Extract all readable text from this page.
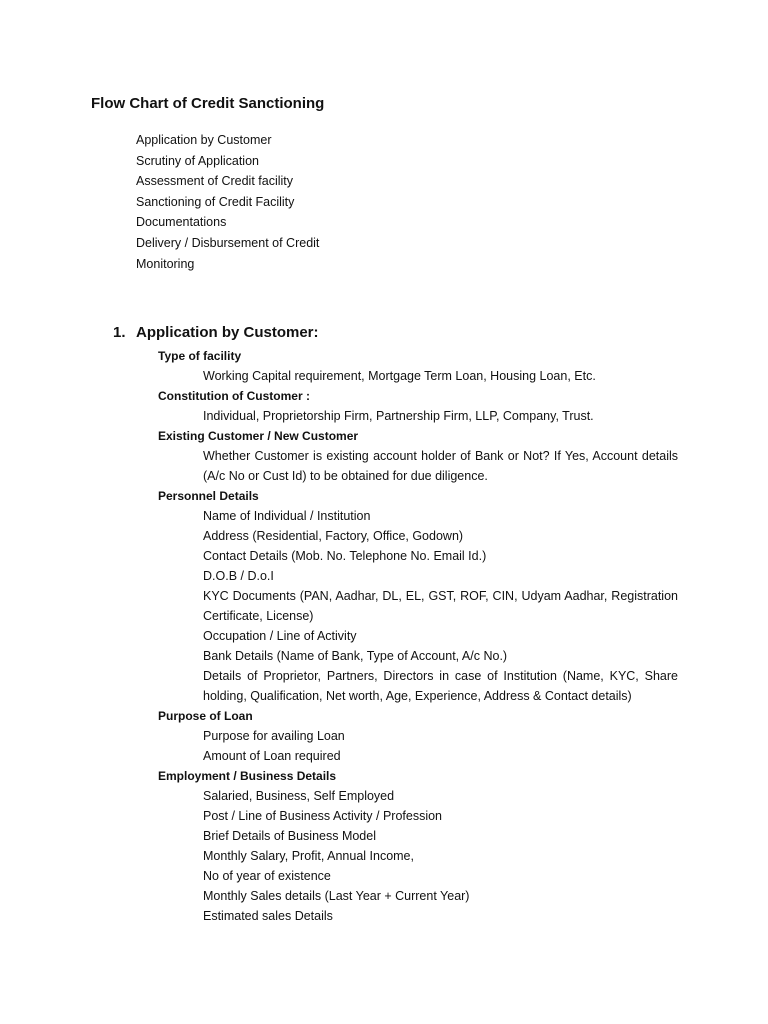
Flow Chart of Credit Sanctioning
Application by Customer
Scrutiny of Application
Assessment of Credit facility
Sanctioning of Credit Facility
Documentations
Delivery / Disbursement of Credit
Monitoring
1. Application by Customer:
Type of facility
Working Capital requirement, Mortgage Term Loan, Housing Loan, Etc.
Constitution of Customer :
Individual, Proprietorship Firm, Partnership Firm, LLP, Company, Trust.
Existing Customer / New Customer
Whether Customer is existing account holder of Bank or Not? If Yes, Account details (A/c No or Cust Id) to be obtained for due diligence.
Personnel Details
Name of Individual / Institution
Address (Residential, Factory, Office, Godown)
Contact Details (Mob. No. Telephone No. Email Id.)
D.O.B / D.o.I
KYC Documents (PAN, Aadhar, DL, EL, GST, ROF, CIN, Udyam Aadhar, Registration Certificate, License)
Occupation / Line of Activity
Bank Details (Name of Bank, Type of Account, A/c No.)
Details of Proprietor, Partners, Directors in case of Institution (Name, KYC, Share holding, Qualification, Net worth, Age, Experience, Address & Contact details)
Purpose of Loan
Purpose for availing Loan
Amount of Loan required
Employment / Business Details
Salaried, Business, Self Employed
Post / Line of Business Activity / Profession
Brief Details of Business Model
Monthly Salary, Profit, Annual Income,
No of year of existence
Monthly Sales details (Last Year + Current Year)
Estimated sales Details
